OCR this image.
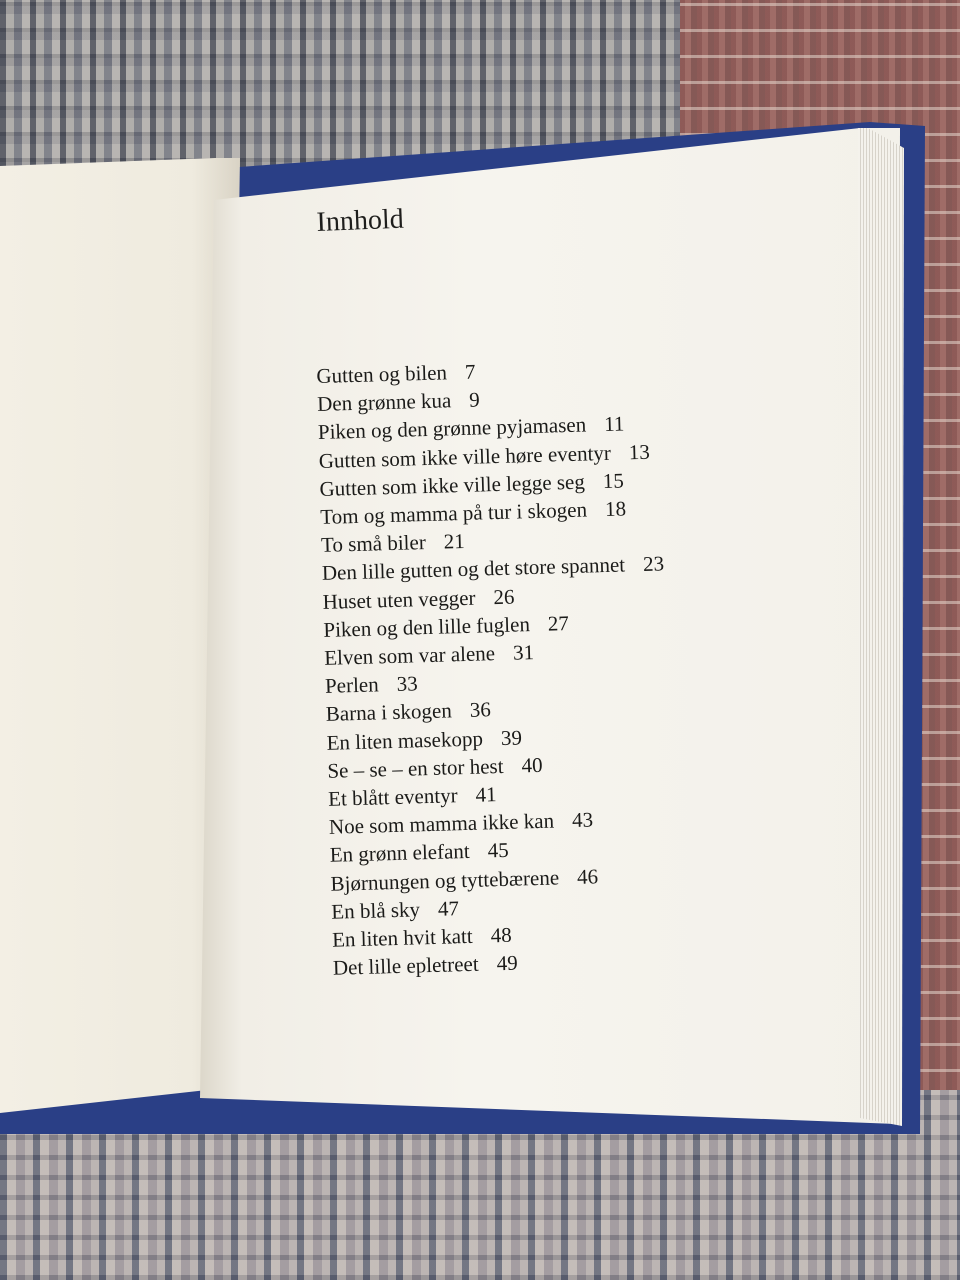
Innhold
Gutten og bilen 7
Den grønne kua 9
Piken og den grønne pyjamasen 11
Gutten som ikke ville høre eventyr 13
Gutten som ikke ville legge seg 15
Tom og mamma på tur i skogen 18
To små biler 21
Den lille gutten og det store spannet 23
Huset uten vegger 26
Piken og den lille fuglen 27
Elven som var alene 31
Perlen 33
Barna i skogen 36
En liten masekopp 39
Se – se – en stor hest 40
Et blått eventyr 41
Noe som mamma ikke kan 43
En grønn elefant 45
Bjørnungen og tyttebærene 46
En blå sky 47
En liten hvit katt 48
Det lille epletreet 49
